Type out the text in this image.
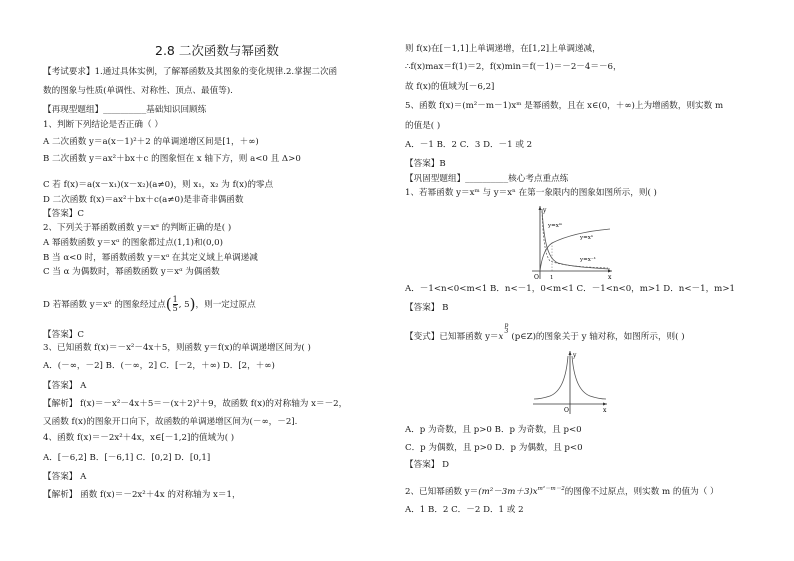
2.8 二次函数与幂函数
【考试要求】1.通过具体实例，了解幂函数及其图象的变化规律.2.掌握二次函
数的图象与性质(单调性、对称性、顶点、最值等).
【再现型题组】__________基础知识回顾练
1、判断下列结论是否正确（ ）
A 二次函数 y＝a(x－1)²＋2 的单调递增区间是[1，＋∞)
B 二次函数 y＝ax²＋bx＋c 的图象恒在 x 轴下方，则 a<0 且 Δ>0
C 若 f(x)＝a(x－x₁)(x－x₂)(a≠0)，则 x₁，x₂ 为 f(x)的零点
D 二次函数 f(x)＝ax²＋bx＋c(a≠0)是非奇非偶函数
【答案】C
2、下列关于幂函数函数 y＝xᵅ 的判断正确的是( )
A 幂函数函数 y＝xᵅ 的图象都过点(1,1)和(0,0)
B 当 α<0 时，幂函数函数 y＝xᵅ 在其定义域上单调递减
C 当 α 为偶数时，幂函数函数 y＝xᵅ 为偶函数
D 若幂函数 y＝xᵅ 的图象经过点( $\frac{1}{5}$ , 5)，则一定过原点
【答案】C
3、已知函数 f(x)＝－x²－4x＋5，则函数 y＝f(x)的单调递增区间为( )
A．(－∞，－2] B．(－∞，2] C．[－2，＋∞) D．[2，＋∞)
【答案】 A
【解析】 f(x)＝－x²－4x＋5＝－(x＋2)²＋9，故函数 f(x)的对称轴为 x＝－2，
又函数 f(x)的图象开口向下，故函数的单调递增区间为(－∞，－2].
4、函数 f(x)＝－2x²＋4x，x∈[－1,2]的值域为( )
A．[－6,2] B．[－6,1] C．[0,2] D．[0,1]
【答案】 A
【解析】 函数 f(x)＝－2x²＋4x 的对称轴为 x＝1，
则 f(x)在[－1,1]上单调递增，在[1,2]上单调递减，
∴f(x)max＝f(1)＝2，f(x)min＝f(－1)＝－2－4＝－6，
故 f(x)的值域为[－6,2]
5、函数 f(x)＝(m²－m－1)xᵐ 是幂函数，且在 x∈(0，＋∞)上为增函数，则实数 m
的值是( )
A．－1 B．2 C．3 D．－1 或 2
【答案】B
【巩固型题组】__________核心考点重点练
1、若幂函数 y＝xᵐ 与 y＝xⁿ 在第一象限内的图象如图所示，则( )
y
x
O 1
y=xᵐ
y=xⁿ
y=x⁻¹
A．－1<n<0<m<1 B．n<－1，0<m<1 C．－1<n<0，m>1 D．n<－1，m>1
【答案】 B
【变式】已知幂函数 y＝x
p
3
(p∈Z)的图象关于 y 轴对称，如图所示，则( )
y
x
O
A．p 为奇数，且 p>0 B．p 为奇数，且 p<0
C．p 为偶数，且 p>0 D．p 为偶数，且 p<0
【答案】 D
2、已知幂函数 $y=(m^2-3m+3)x^{m^2-m-2}$的图像不过原点，则实数 m 的值为（ ）
A．1 B．2 C．－2 D．1 或 2
